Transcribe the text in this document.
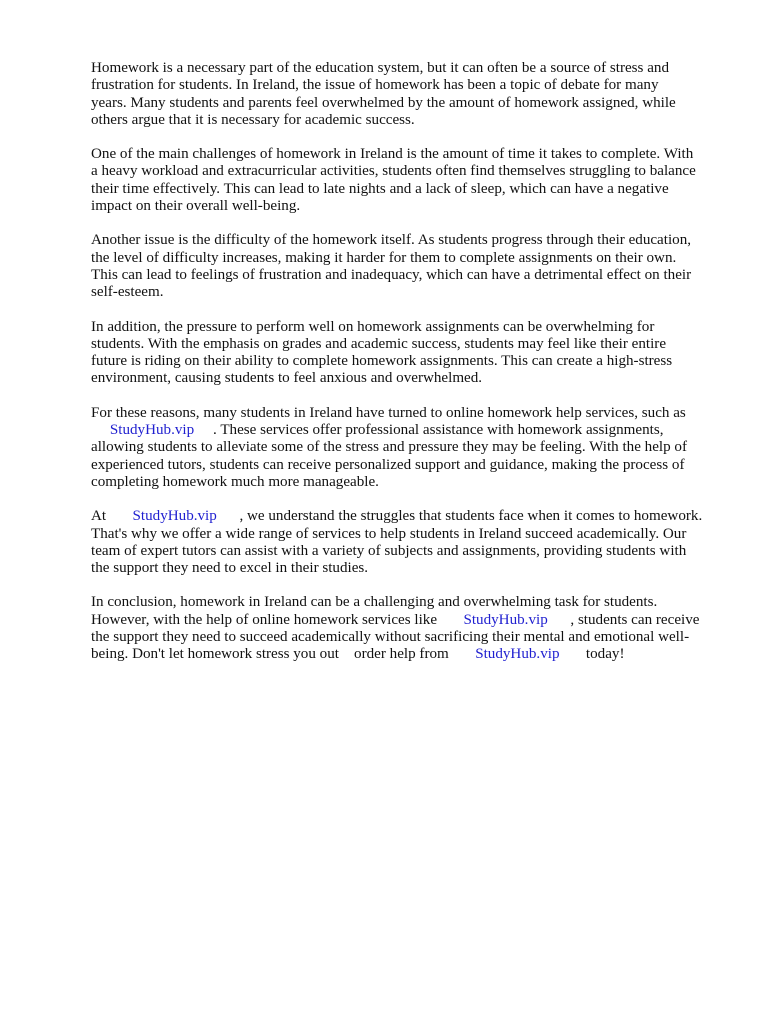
Homework is a necessary part of the education system, but it can often be a source of stress and
frustration for students. In Ireland, the issue of homework has been a topic of debate for many
years. Many students and parents feel overwhelmed by the amount of homework assigned, while
others argue that it is necessary for academic success.

One of the main challenges of homework in Ireland is the amount of time it takes to complete. With
a heavy workload and extracurricular activities, students often find themselves struggling to balance
their time effectively. This can lead to late nights and a lack of sleep, which can have a negative
impact on their overall well-being.

Another issue is the difficulty of the homework itself. As students progress through their education,
the level of difficulty increases, making it harder for them to complete assignments on their own.
This can lead to feelings of frustration and inadequacy, which can have a detrimental effect on their
self-esteem.

In addition, the pressure to perform well on homework assignments can be overwhelming for
students. With the emphasis on grades and academic success, students may feel like their entire
future is riding on their ability to complete homework assignments. This can create a high-stress
environment, causing students to feel anxious and overwhelmed.

For these reasons, many students in Ireland have turned to online homework help services, such as
StudyHub.vip     . These services offer professional assistance with homework assignments,
allowing students to alleviate some of the stress and pressure they may be feeling. With the help of
experienced tutors, students can receive personalized support and guidance, making the process of
completing homework much more manageable.

At       StudyHub.vip      , we understand the struggles that students face when it comes to homework.
That's why we offer a wide range of services to help students in Ireland succeed academically. Our
team of expert tutors can assist with a variety of subjects and assignments, providing students with
the support they need to excel in their studies.

In conclusion, homework in Ireland can be a challenging and overwhelming task for students.
However, with the help of online homework services like       StudyHub.vip      , students can receive
the support they need to succeed academically without sacrificing their mental and emotional well-
being. Don't let homework stress you out    order help from       StudyHub.vip       today!
